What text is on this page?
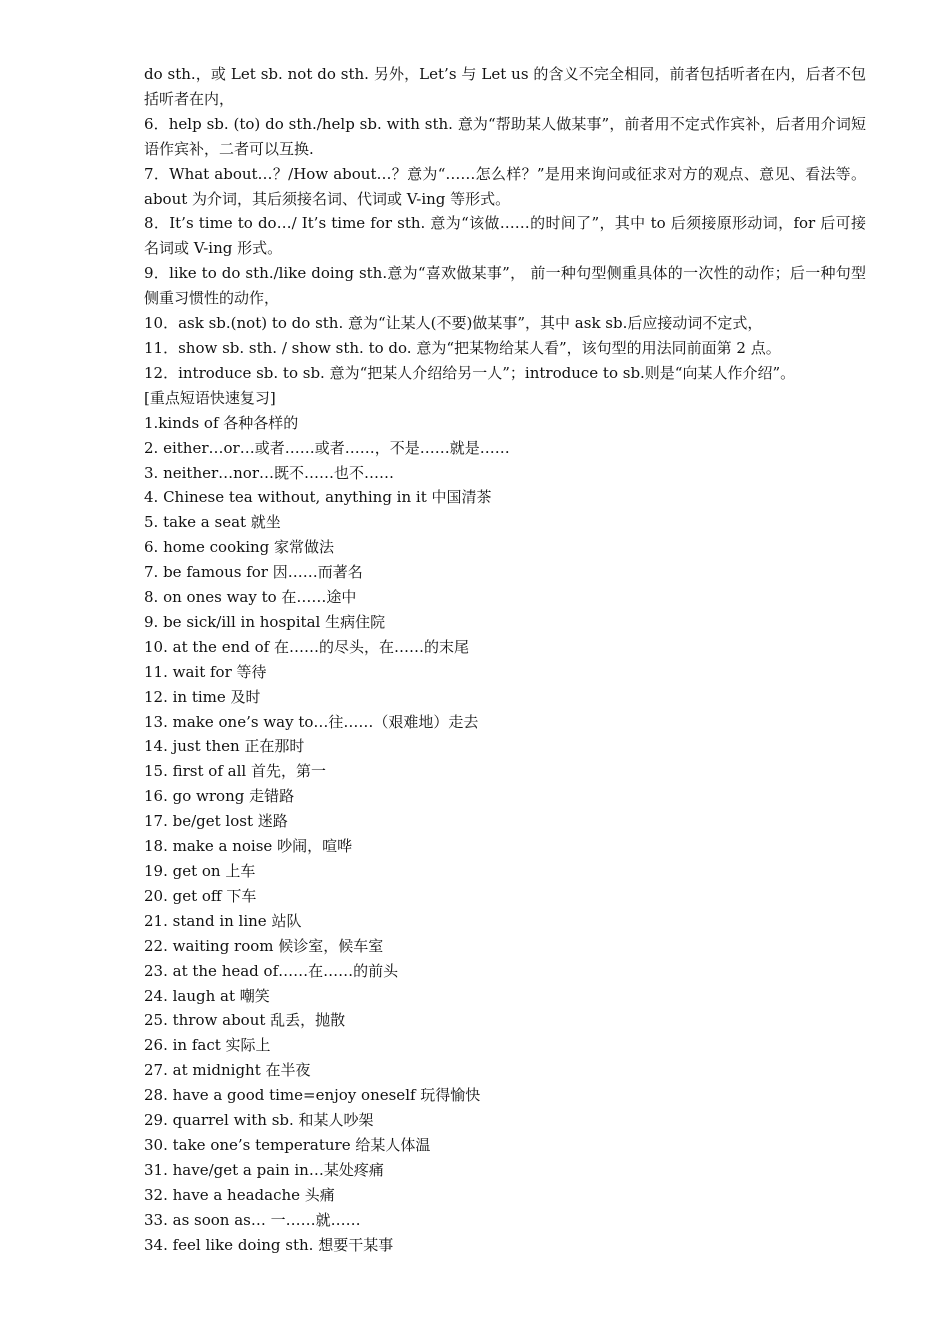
do sth.，或 Let sb. not do sth. 另外，Let’s 与 Let us 的含义不完全相同，前者包括听者在内，后者不包括听者在内，

6．help sb. (to) do sth./help sb. with sth. 意为“帮助某人做某事”，前者用不定式作宾补，后者用介词短语作宾补，二者可以互换.

7．What about…？/How about…？意为“……怎么样？”是用来询问或征求对方的观点、意见、看法等。about 为介词，其后须接名词、代词或 V-ing 等形式。

8．It’s time to do…/ It’s time for sth. 意为“该做……的时间了”，其中 to 后须接原形动词，for 后可接名词或 V-ing 形式。

9．like to do sth./like doing sth.意为“喜欢做某事”， 前一种句型侧重具体的一次性的动作；后一种句型侧重习惯性的动作，

10．ask sb.(not) to do sth. 意为“让某人(不要)做某事”，其中 ask sb.后应接动词不定式，

11．show sb. sth. / show sth. to do. 意为“把某物给某人看”，该句型的用法同前面第 2 点。

12．introduce sb. to sb. 意为“把某人介绍给另一人”；introduce to sb.则是“向某人作介绍”。

[重点短语快速复习]

1.kinds of 各种各样的

2. either…or…或者……或者……，不是……就是……

3. neither…nor…既不……也不……

4. Chinese tea without, anything in it 中国清茶

5. take a seat 就坐

6. home cooking 家常做法

7. be famous for 因……而著名

8. on ones way to 在……途中

9. be sick/ill in hospital 生病住院

10. at the end of 在……的尽头，在……的末尾

11. wait for 等待

12. in time 及时

13. make one’s way to…往……（艰难地）走去

14. just then 正在那时

15. first of all 首先，第一

16. go wrong 走错路

17. be/get lost 迷路

18. make a noise 吵闹，喧哗

19. get on 上车

20. get off 下车

21. stand in line 站队

22. waiting room 候诊室，候车室

23. at the head of……在……的前头

24. laugh at 嘲笑

25. throw about 乱丢，抛散

26. in fact 实际上

27. at midnight 在半夜

28. have a good time=enjoy oneself 玩得愉快

29. quarrel with sb. 和某人吵架

30. take one’s temperature 给某人体温

31. have/get a pain in…某处疼痛

32. have a headache 头痛

33. as soon as… 一……就……

34. feel like doing sth. 想要干某事
